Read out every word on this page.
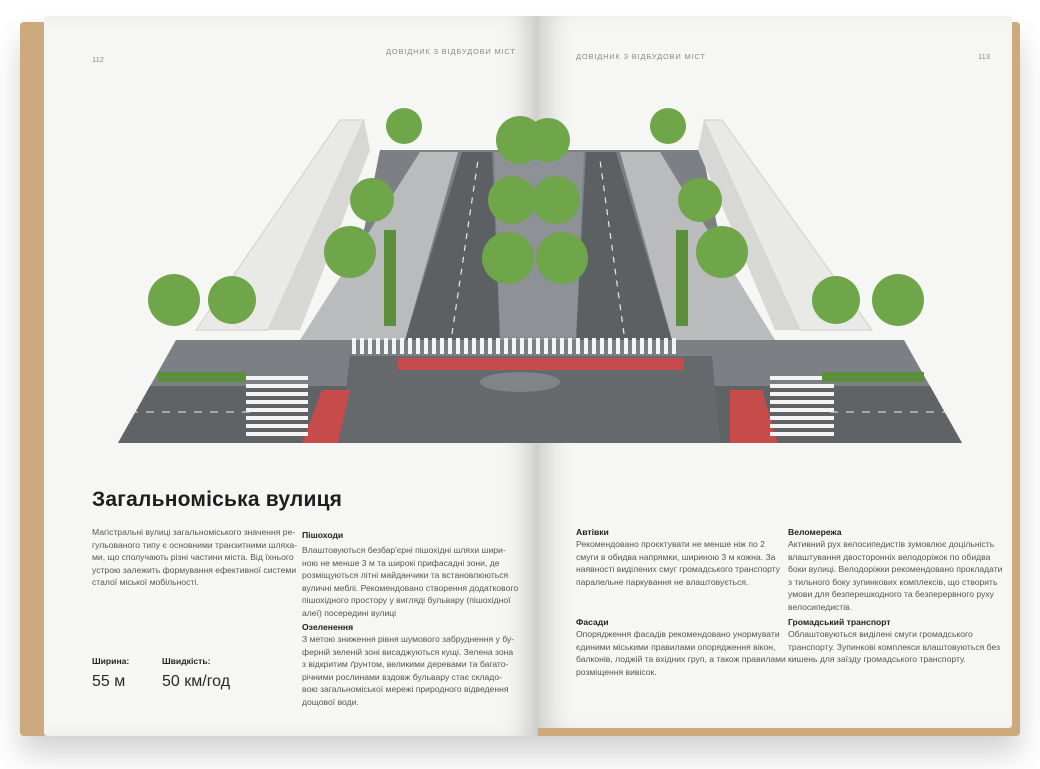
112
ДОВІДНИК З ВІДБУДОВИ МІСТ
ДОВІДНИК З ВІДБУДОВИ МІСТ	113
Загальноміська вулиця
Магістральні вулиці загальноміського значення ре-
гульованого типу є основними транзитними шляха-
ми, що сполучають різні частини міста. Від їхнього
устрою залежить формування ефективної системи
сталої міської мобільності.
Ширина:
55 м
Швидкість:
50 км/год
Пішоходи
Влаштовуються безбар'єрні пішохідні шляхи шири-
ною не менше 3 м та широкі прифасадні зони, де
розміщуються літні майданчики та встановлюються
вуличні меблі. Рекомендовано створення додаткового
пішохідного простору у вигляді бульвару (пішохідної
алеї) посередині вулиці
Озеленення
З метою зниження рівня шумового забруднення у бу-
ферній зеленій зоні висаджуються кущі. Зелена зона
з відкритим ґрунтом, великими деревами та багато-
річними рослинами вздовж бульвару стає складо-
вою загальноміської мережі природного відведення
дощової води.
Автівки
Рекомендовано проєктувати не менше ніж по 2
смуги в обидва напрямки, шириною 3 м кожна. За
наявності виділених смуг громадського транспорту
паралельне паркування не влаштовується.
Фасади
Опорядження фасадів рекомендовано унормувати
єдиними міськими правилами опорядження вікон,
балконів, лоджій та вхідних груп, а також правилами
розміщення вивісок.
Веломережа
Активний рух велосипедистів зумовлює доцільність
влаштування двосторонніх велодоріжок по обидва
боки вулиці. Велодоріжки рекомендовано прокладати
з тильного боку зупинкових комплексів, що створить
умови для безперешкодного та безперервного руху
велосипедистів.
Громадський транспорт
Облаштовуються виділені смуги громадського
транспорту. Зупинкові комплекси влаштовуються без
кишень для заїзду громадського транспорту.
